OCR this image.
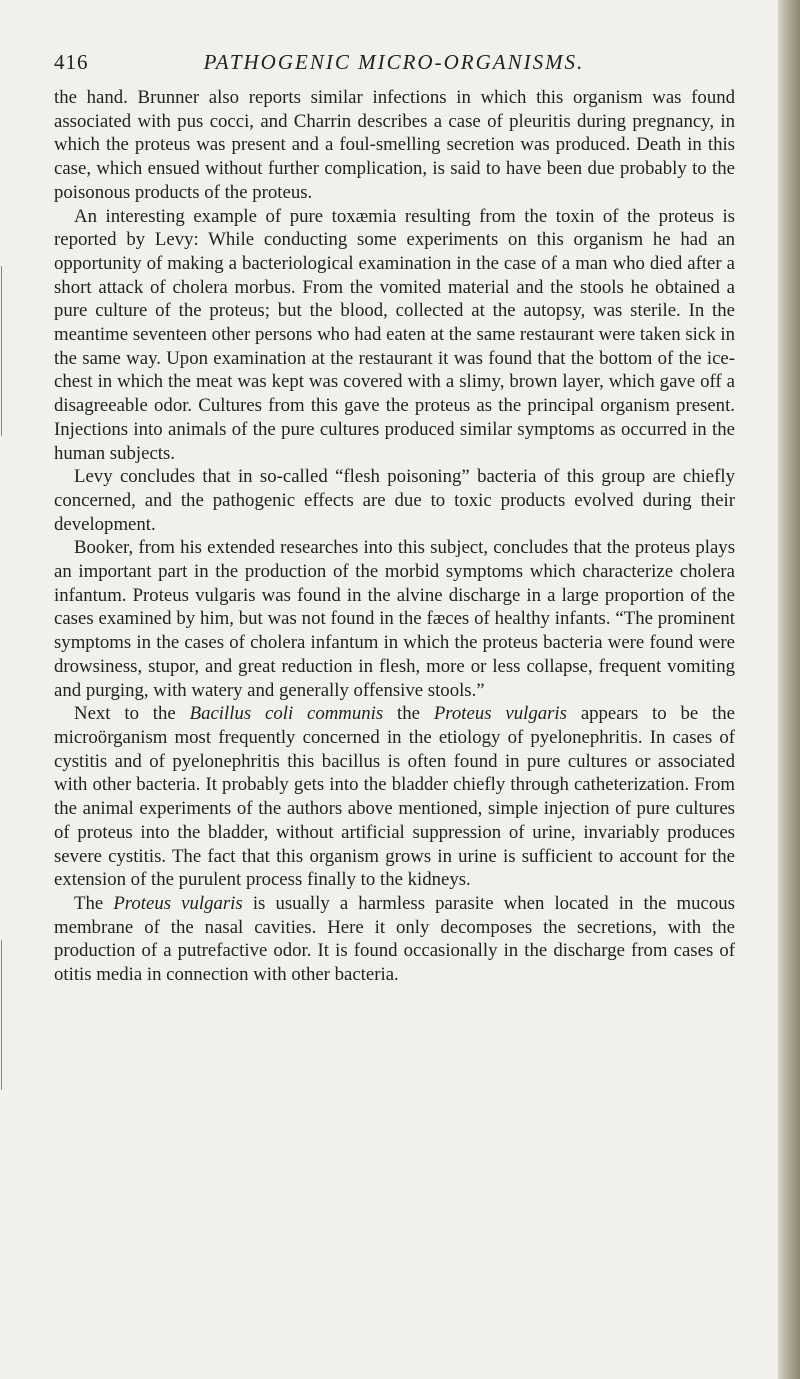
416	PATHOGENIC MICRO-ORGANISMS.

the hand. Brunner also reports similar infections in which this organism was found associated with pus cocci, and Charrin describes a case of pleuritis during pregnancy, in which the proteus was present and a foul-smelling secretion was produced. Death in this case, which ensued without further complication, is said to have been due probably to the poisonous products of the proteus.

An interesting example of pure toxæmia resulting from the toxin of the proteus is reported by Levy: While conducting some experiments on this organism he had an opportunity of making a bacteriological examination in the case of a man who died after a short attack of cholera morbus. From the vomited material and the stools he obtained a pure culture of the proteus; but the blood, collected at the autopsy, was sterile. In the meantime seventeen other persons who had eaten at the same restaurant were taken sick in the same way. Upon examination at the restaurant it was found that the bottom of the ice-chest in which the meat was kept was covered with a slimy, brown layer, which gave off a disagreeable odor. Cultures from this gave the proteus as the principal organism present. Injections into animals of the pure cultures produced similar symptoms as occurred in the human subjects.

Levy concludes that in so-called “flesh poisoning” bacteria of this group are chiefly concerned, and the pathogenic effects are due to toxic products evolved during their development.

Booker, from his extended researches into this subject, concludes that the proteus plays an important part in the production of the morbid symptoms which characterize cholera infantum. Proteus vulgaris was found in the alvine discharge in a large proportion of the cases examined by him, but was not found in the fæces of healthy infants. “The prominent symptoms in the cases of cholera infantum in which the proteus bacteria were found were drowsiness, stupor, and great reduction in flesh, more or less collapse, frequent vomiting and purging, with watery and generally offensive stools.”

Next to the Bacillus coli communis the Proteus vulgaris appears to be the microörganism most frequently concerned in the etiology of pyelonephritis. In cases of cystitis and of pyelonephritis this bacillus is often found in pure cultures or associated with other bacteria. It probably gets into the bladder chiefly through catheterization. From the animal experiments of the authors above mentioned, simple injection of pure cultures of proteus into the bladder, without artificial suppression of urine, invariably produces severe cystitis. The fact that this organism grows in urine is sufficient to account for the extension of the purulent process finally to the kidneys.

The Proteus vulgaris is usually a harmless parasite when located in the mucous membrane of the nasal cavities. Here it only decomposes the secretions, with the production of a putrefactive odor. It is found occasionally in the discharge from cases of otitis media in connection with other bacteria.
